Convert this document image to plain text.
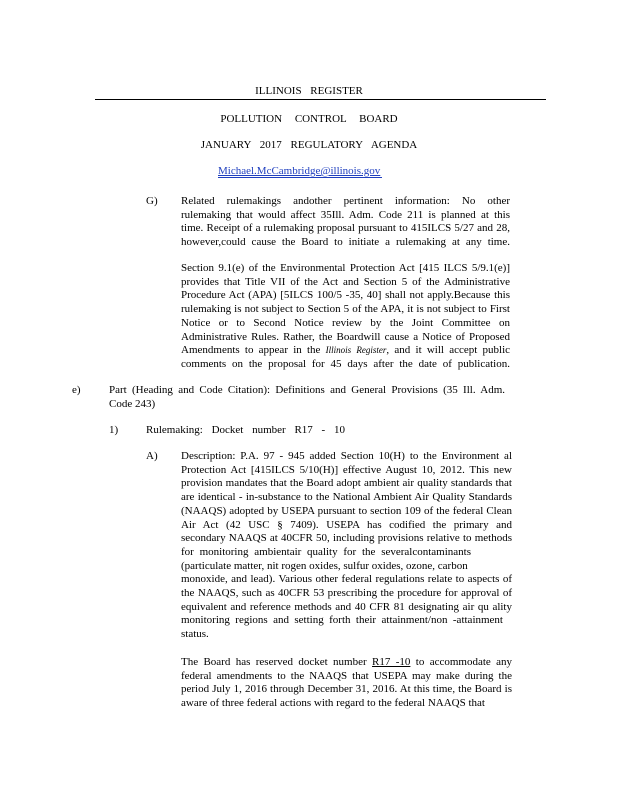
ILLINOIS REGISTER
POLLUTION CONTROL BOARD
JANUARY 2017 REGULATORY AGENDA
Michael.McCambridge@illinois.gov
G) Related rulemakings andother pertinent information: No other
rulemaking that would affect 35Ill. Adm. Code 211 is planned at this
time. Receipt of a rulemaking proposal pursuant to 415ILCS 5/27 and 28,
however,could cause the Board to initiate a rulemaking at any time.
Section 9.1(e) of the Environmental Protection Act [415 ILCS 5/9.1(e)]
provides that Title VII of the Act and Section 5 of the Administrative
Procedure Act (APA) [5ILCS 100/5 -35, 40] shall not apply.Because this
rulemaking is not subject to Section 5 of the APA, it is not subject to First
Notice or to Second Notice review by the Joint Committee on
Administrative Rules. Rather, the Boardwill cause a Notice of Proposed
Amendments to appear in the Illinois Register, and it will accept public
comments on the proposal for 45 days after the date of publication.
e)	Part (Heading and Code Citation): Definitions and General Provisions (35 Ill. Adm.
Code 243)
1)	Rulemaking: Docket number R17 - 10
A) Description: P.A. 97 - 945 added Section 10(H) to the Environment al
Protection Act [415ILCS 5/10(H)] effective August 10, 2012. This new
provision mandates that the Board adopt ambient air quality standards that
are identical - in-substance to the National Ambient Air Quality Standards
(NAAQS) adopted by USEPA pursuant to section 109 of the federal Clean
Air Act (42 USC § 7409). USEPA has codified the primary and
secondary NAAQS at 40CFR 50, including provisions relative to methods
for monitoring ambientair quality for the severalcontaminants
(particulate matter, nit rogen oxides, sulfur oxides, ozone, carbon
monoxide, and lead). Various other federal regulations relate to aspects of
the NAAQS, such as 40CFR 53 prescribing the procedure for approval of
equivalent and reference methods and 40 CFR 81 designating air qu ality
monitoring regions and setting forth their attainment/non -attainment
status.
The Board has reserved docket number R17 -10 to accommodate any
federal amendments to the NAAQS that USEPA may make during the
period July 1, 2016 through December 31, 2016. At this time, the Board is
aware of three federal actions with regard to the federal NAAQS that
